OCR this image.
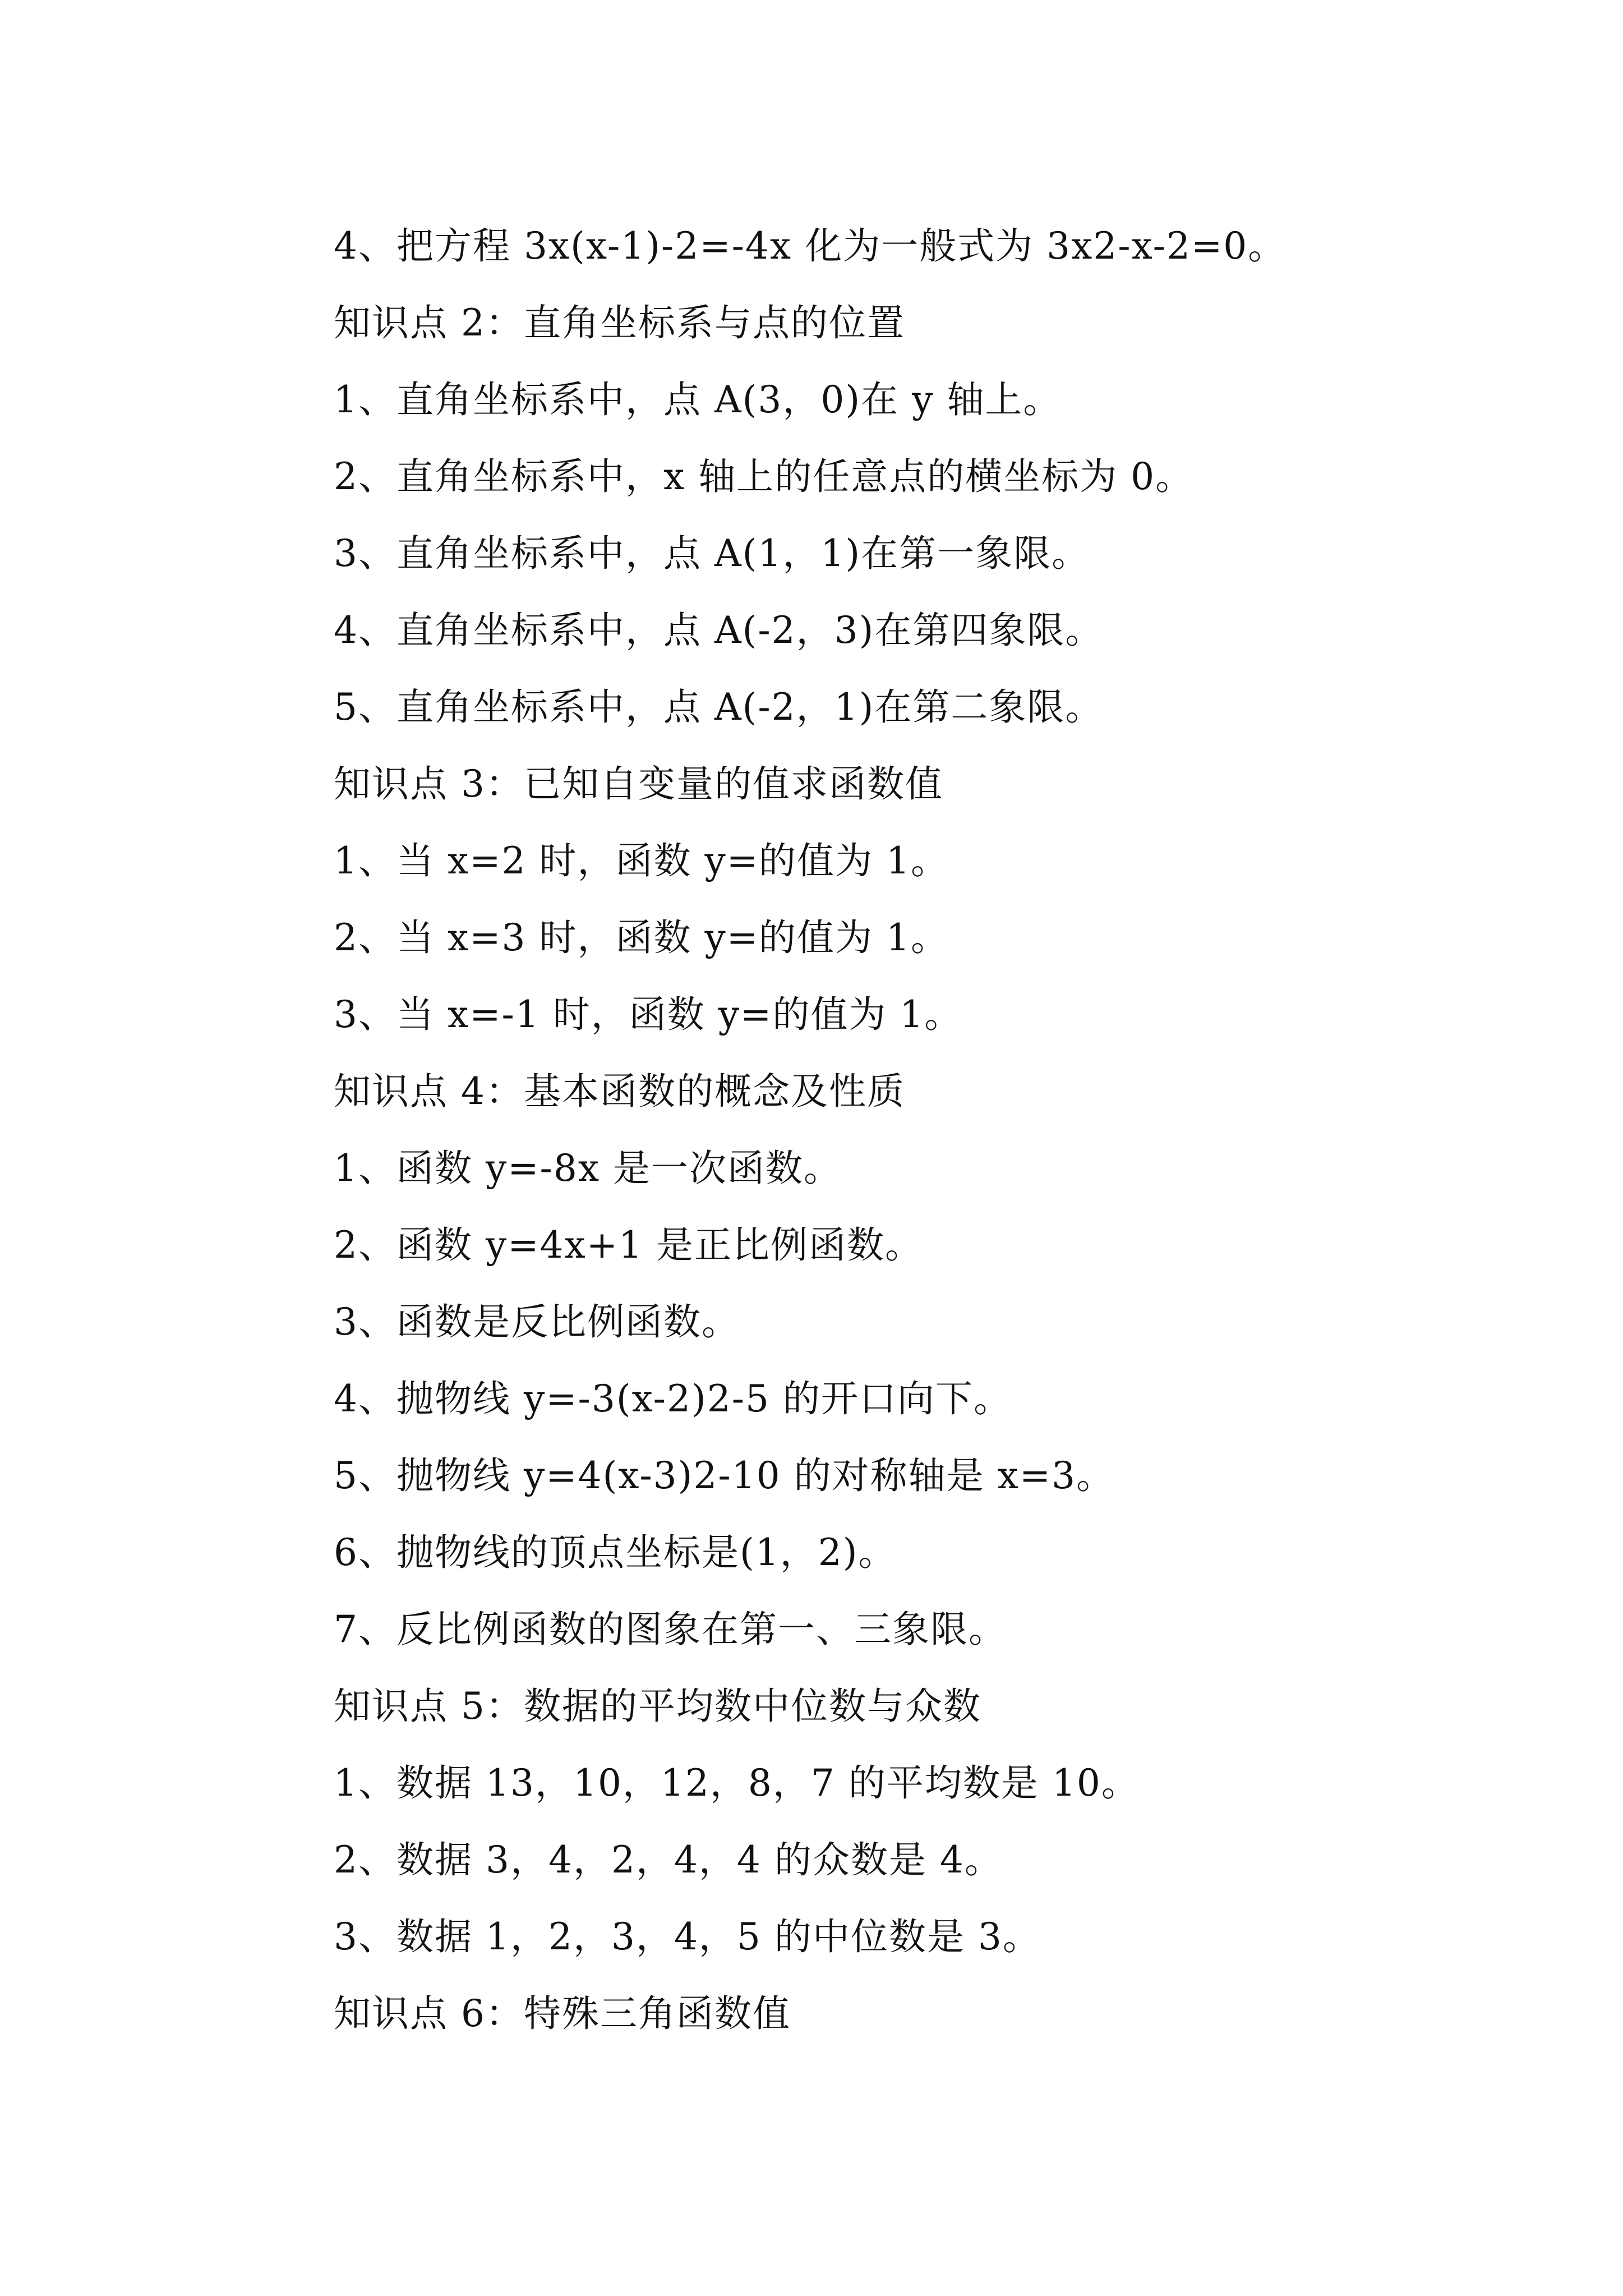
4、把方程 3x(x-1)-2=-4x 化为一般式为 3x2-x-2=0。
知识点 2：直角坐标系与点的位置
1、直角坐标系中，点 A(3，0)在 y 轴上。
2、直角坐标系中，x 轴上的任意点的横坐标为 0。
3、直角坐标系中，点 A(1，1)在第一象限。
4、直角坐标系中，点 A(-2，3)在第四象限。
5、直角坐标系中，点 A(-2，1)在第二象限。
知识点 3：已知自变量的值求函数值
1、当 x=2 时，函数 y=的值为 1。
2、当 x=3 时，函数 y=的值为 1。
3、当 x=-1 时，函数 y=的值为 1。
知识点 4：基本函数的概念及性质
1、函数 y=-8x 是一次函数。
2、函数 y=4x+1 是正比例函数。
3、函数是反比例函数。
4、抛物线 y=-3(x-2)2-5 的开口向下。
5、抛物线 y=4(x-3)2-10 的对称轴是 x=3。
6、抛物线的顶点坐标是(1，2)。
7、反比例函数的图象在第一、三象限。
知识点 5：数据的平均数中位数与众数
1、数据 13，10，12，8，7 的平均数是 10。
2、数据 3，4，2，4，4 的众数是 4。
3、数据 1，2，3，4，5 的中位数是 3。
知识点 6：特殊三角函数值
